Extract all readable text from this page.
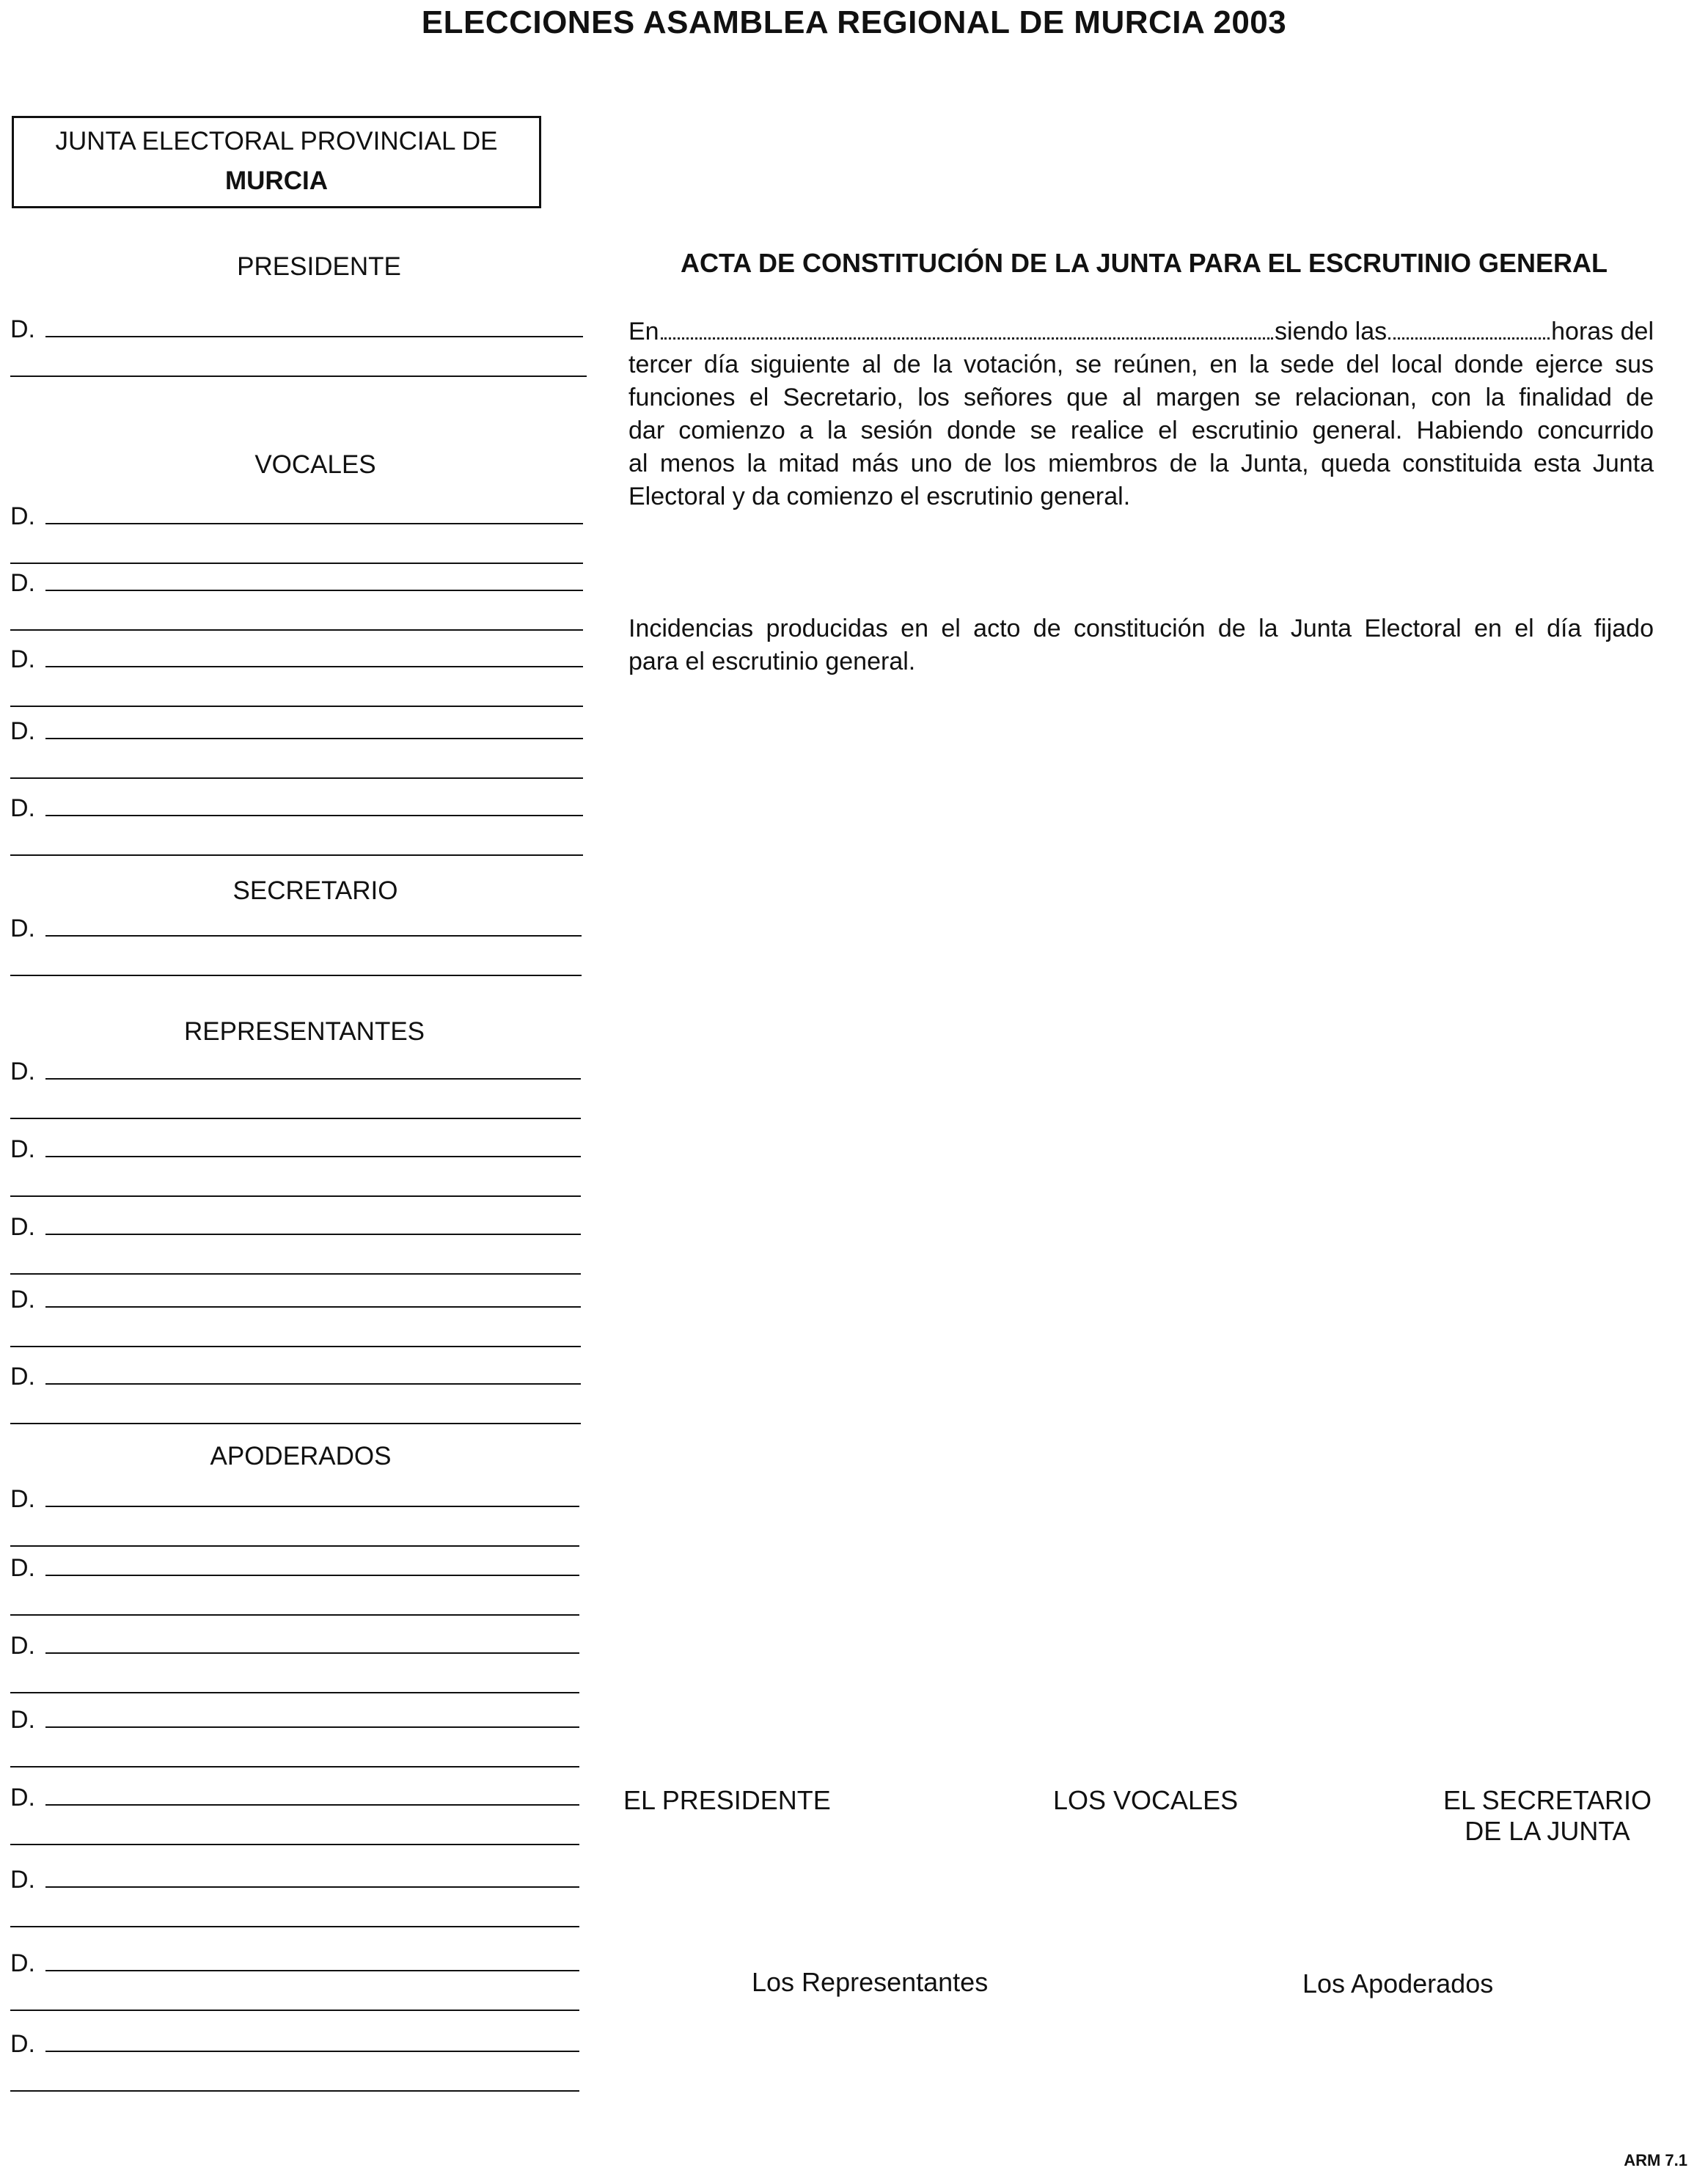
ELECCIONES ASAMBLEA REGIONAL DE MURCIA 2003
JUNTA ELECTORAL PROVINCIAL DE
MURCIA
PRESIDENTE
VOCALES
SECRETARIO
REPRESENTANTES
APODERADOS
D.
D.
D.
D.
D.
D.
D.
D.
D.
D.
D.
D.
D.
D.
D.
D.
D.
D.
D.
D.
ACTA DE CONSTITUCIÓN DE LA JUNTA PARA EL ESCRUTINIO GENERAL
En	siendo las	horas del
tercer día siguiente al de la votación, se reúnen, en la sede del local donde ejerce sus
funciones el Secretario, los señores que al margen se relacionan, con la finalidad de
dar comienzo a la sesión donde se realice el escrutinio general. Habiendo concurrido
al menos la mitad más uno de los miembros de la Junta, queda constituida esta Junta
Electoral y da comienzo el escrutinio general.
Incidencias producidas en el acto de constitución de la Junta Electoral en el día fijado
para el escrutinio general.
EL PRESIDENTE	LOS VOCALES	EL SECRETARIO
DE LA JUNTA
Los Representantes	Los Apoderados
ARM 7.1
